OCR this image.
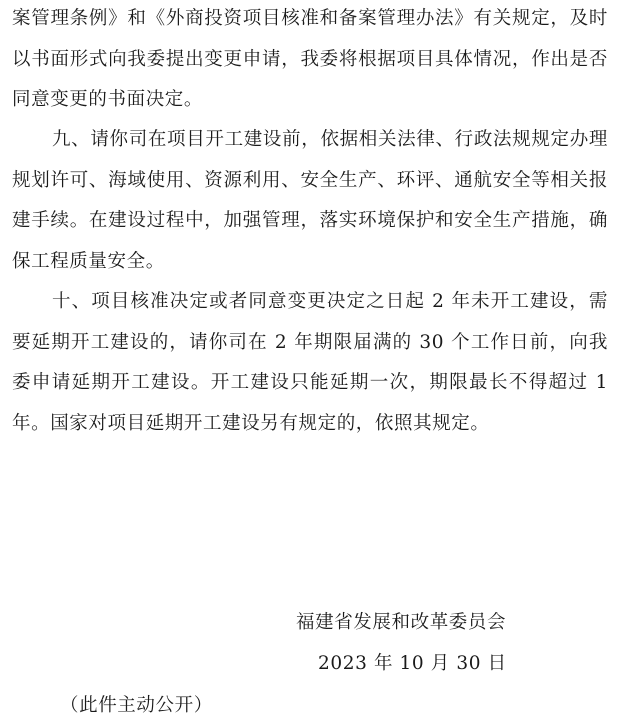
案管理条例》和《外商投资项目核准和备案管理办法》有关规定，及时以书面形式向我委提出变更申请，我委将根据项目具体情况，作出是否同意变更的书面决定。

九、请你司在项目开工建设前，依据相关法律、行政法规规定办理规划许可、海域使用、资源利用、安全生产、环评、通航安全等相关报建手续。在建设过程中，加强管理，落实环境保护和安全生产措施，确保工程质量安全。

十、项目核准决定或者同意变更决定之日起 2 年未开工建设，需要延期开工建设的，请你司在 2 年期限届满的 30 个工作日前，向我委申请延期开工建设。开工建设只能延期一次，期限最长不得超过 1 年。国家对项目延期开工建设另有规定的，依照其规定。

福建省发展和改革委员会
2023 年 10 月 30 日
（此件主动公开）
